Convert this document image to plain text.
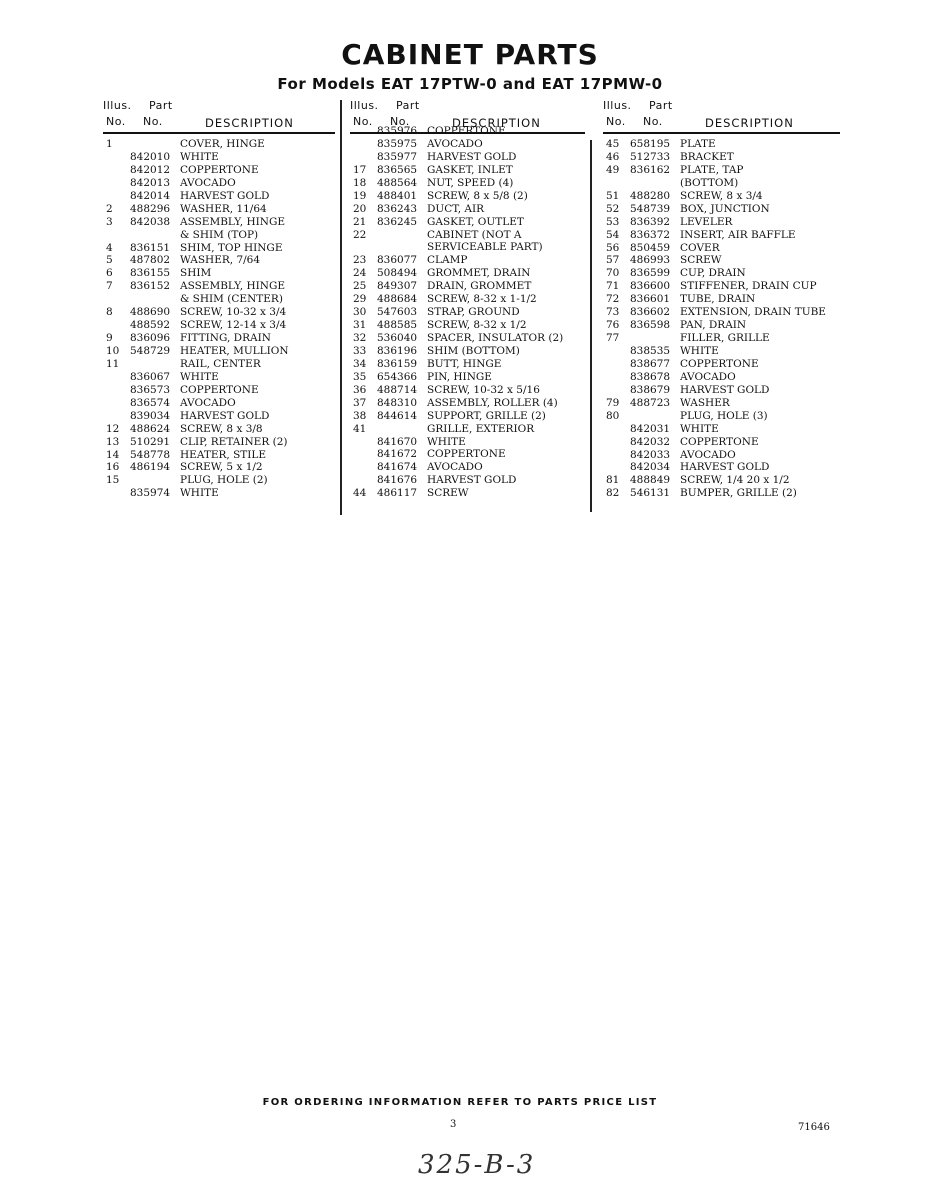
CABINET PARTS
For Models EAT 17PTW-0 and EAT 17PMW-0
Illus. Part
No. No.	DESCRIPTION
1	COVER, HINGE
842010 WHITE
842012 COPPERTONE
842013 AVOCADO
842014 HARVEST GOLD
2 488296 WASHER, 11/64
3 842038 ASSEMBLY, HINGE
& SHIM (TOP)
4 836151 SHIM, TOP HINGE
5 487802 WASHER, 7/64
6 836155 SHIM
7 836152 ASSEMBLY, HINGE
& SHIM (CENTER)
8 488690 SCREW, 10-32 x 3/4
488592 SCREW, 12-14 x 3/4
9 836096 FITTING, DRAIN
10 548729 HEATER, MULLION
11	RAIL, CENTER
836067 WHITE
836573 COPPERTONE
836574 AVOCADO
839034 HARVEST GOLD
12 488624 SCREW, 8 x 3/8
13 510291 CLIP, RETAINER (2)
14 548778 HEATER, STILE
16 486194 SCREW, 5 x 1/2
15	PLUG, HOLE (2)
835974 WHITE
Illus. Part
No. No.	DESCRIPTION
835976 COPPERTONE
835975 AVOCADO
835977 HARVEST GOLD
17 836565 GASKET, INLET
18 488564 NUT, SPEED (4)
19 488401 SCREW, 8 x 5/8 (2)
20 836243 DUCT, AIR
21 836245 GASKET, OUTLET
22	CABINET (NOT A
SERVICEABLE PART)
23 836077 CLAMP
24 508494 GROMMET, DRAIN
25 849307 DRAIN, GROMMET
29 488684 SCREW, 8-32 x 1-1/2
30 547603 STRAP, GROUND
31 488585 SCREW, 8-32 x 1/2
32 536040 SPACER, INSULATOR (2)
33 836196 SHIM (BOTTOM)
34 836159 BUTT, HINGE
35 654366 PIN, HINGE
36 488714 SCREW, 10-32 x 5/16
37 848310 ASSEMBLY, ROLLER (4)
38 844614 SUPPORT, GRILLE (2)
41	GRILLE, EXTERIOR
841670 WHITE
841672 COPPERTONE
841674 AVOCADO
841676 HARVEST GOLD
44 486117 SCREW
Illus. Part
No. No.	DESCRIPTION
45 658195 PLATE
46 512733 BRACKET
49 836162 PLATE, TAP
(BOTTOM)
51 488280 SCREW, 8 x 3/4
52 548739 BOX, JUNCTION
53 836392 LEVELER
54 836372 INSERT, AIR BAFFLE
56 850459 COVER
57 486993 SCREW
70 836599 CUP, DRAIN
71 836600 STIFFENER, DRAIN CUP
72 836601 TUBE, DRAIN
73 836602 EXTENSION, DRAIN TUBE
76 836598 PAN, DRAIN
77	FILLER, GRILLE
838535 WHITE
838677 COPPERTONE
838678 AVOCADO
838679 HARVEST GOLD
79 488723 WASHER
80	PLUG, HOLE (3)
842031 WHITE
842032 COPPERTONE
842033 AVOCADO
842034 HARVEST GOLD
81 488849 SCREW, 1/4 20 x 1/2
82 546131 BUMPER, GRILLE (2)
FOR ORDERING INFORMATION REFER TO PARTS PRICE LIST
3	71646
325-B-3
